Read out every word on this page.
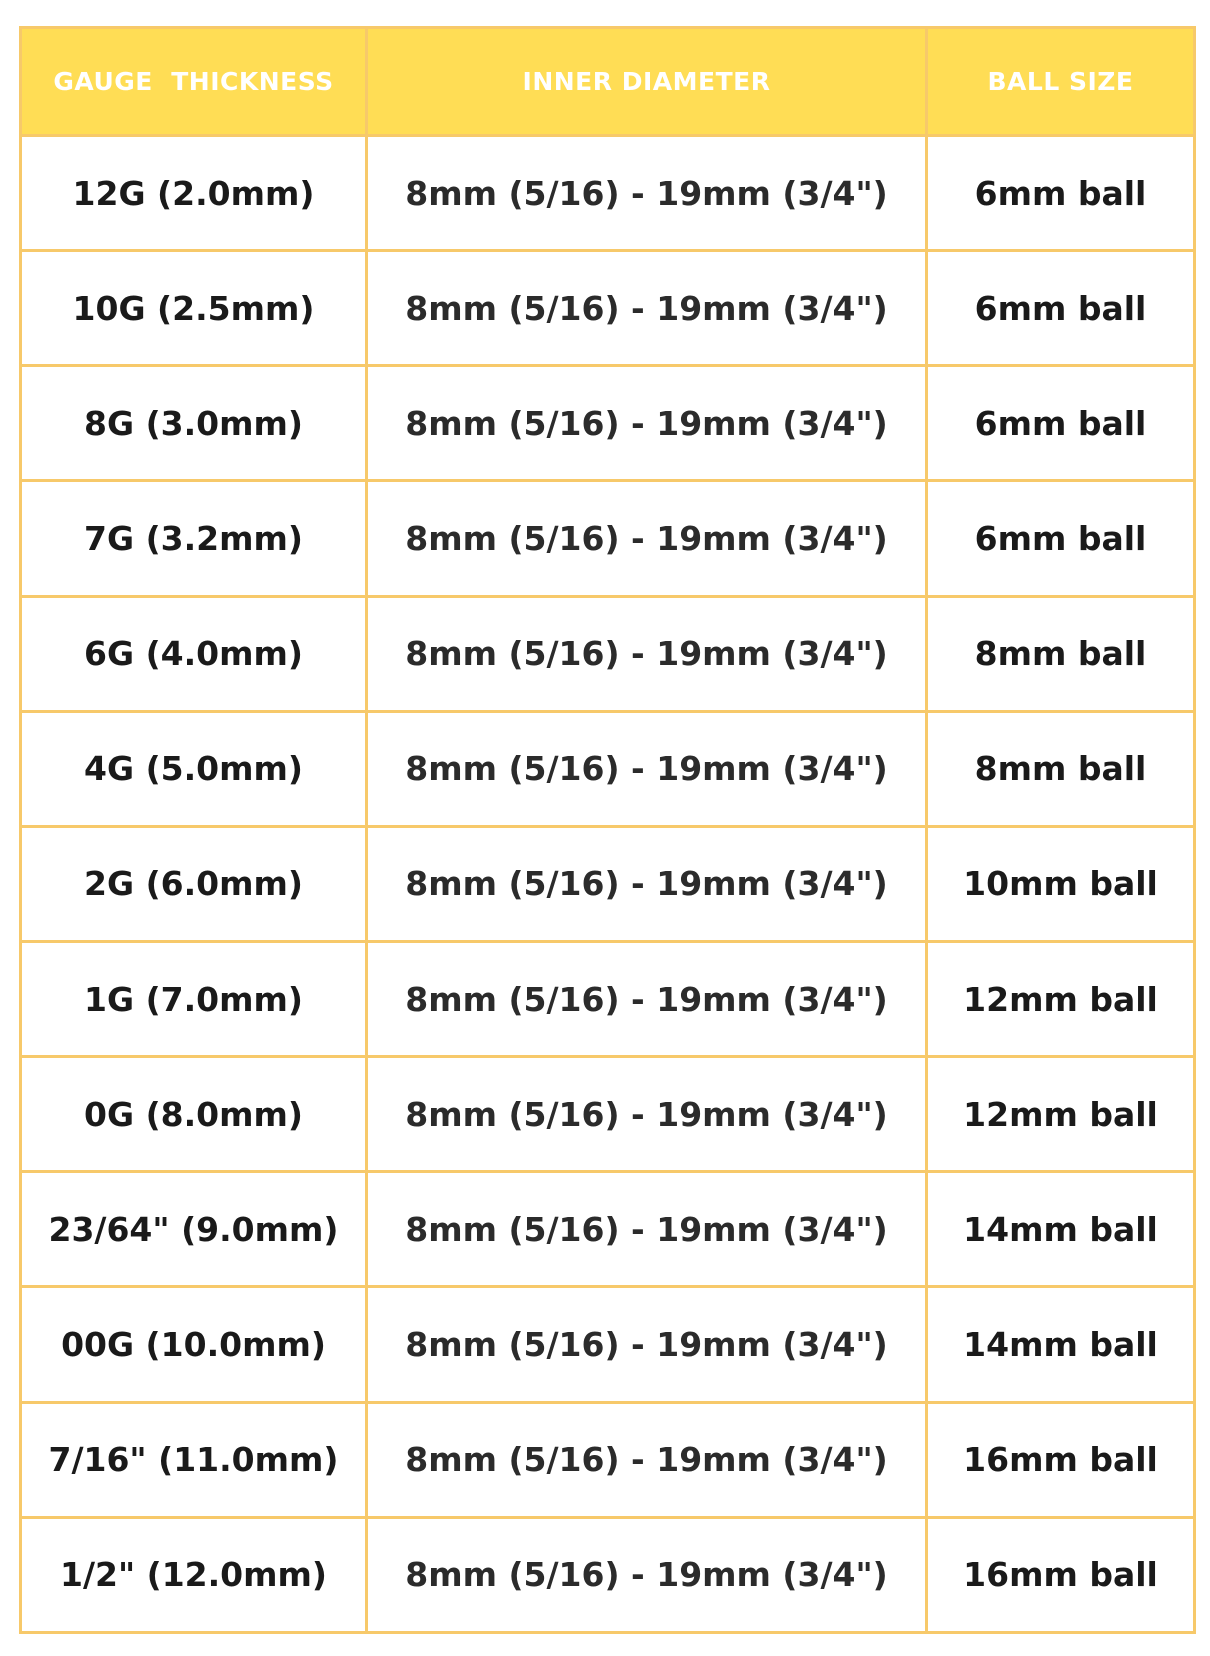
GAUGE  THICKNESS	INNER DIAMETER	BALL SIZE
12G (2.0mm)	8mm (5/16) - 19mm (3/4")	6mm ball
10G (2.5mm)	8mm (5/16) - 19mm (3/4")	6mm ball
8G (3.0mm)	8mm (5/16) - 19mm (3/4")	6mm ball
7G (3.2mm)	8mm (5/16) - 19mm (3/4")	6mm ball
6G (4.0mm)	8mm (5/16) - 19mm (3/4")	8mm ball
4G (5.0mm)	8mm (5/16) - 19mm (3/4")	8mm ball
2G (6.0mm)	8mm (5/16) - 19mm (3/4")	10mm ball
1G (7.0mm)	8mm (5/16) - 19mm (3/4")	12mm ball
0G (8.0mm)	8mm (5/16) - 19mm (3/4")	12mm ball
23/64" (9.0mm)	8mm (5/16) - 19mm (3/4")	14mm ball
00G (10.0mm)	8mm (5/16) - 19mm (3/4")	14mm ball
7/16" (11.0mm)	8mm (5/16) - 19mm (3/4")	16mm ball
1/2" (12.0mm)	8mm (5/16) - 19mm (3/4")	16mm ball
